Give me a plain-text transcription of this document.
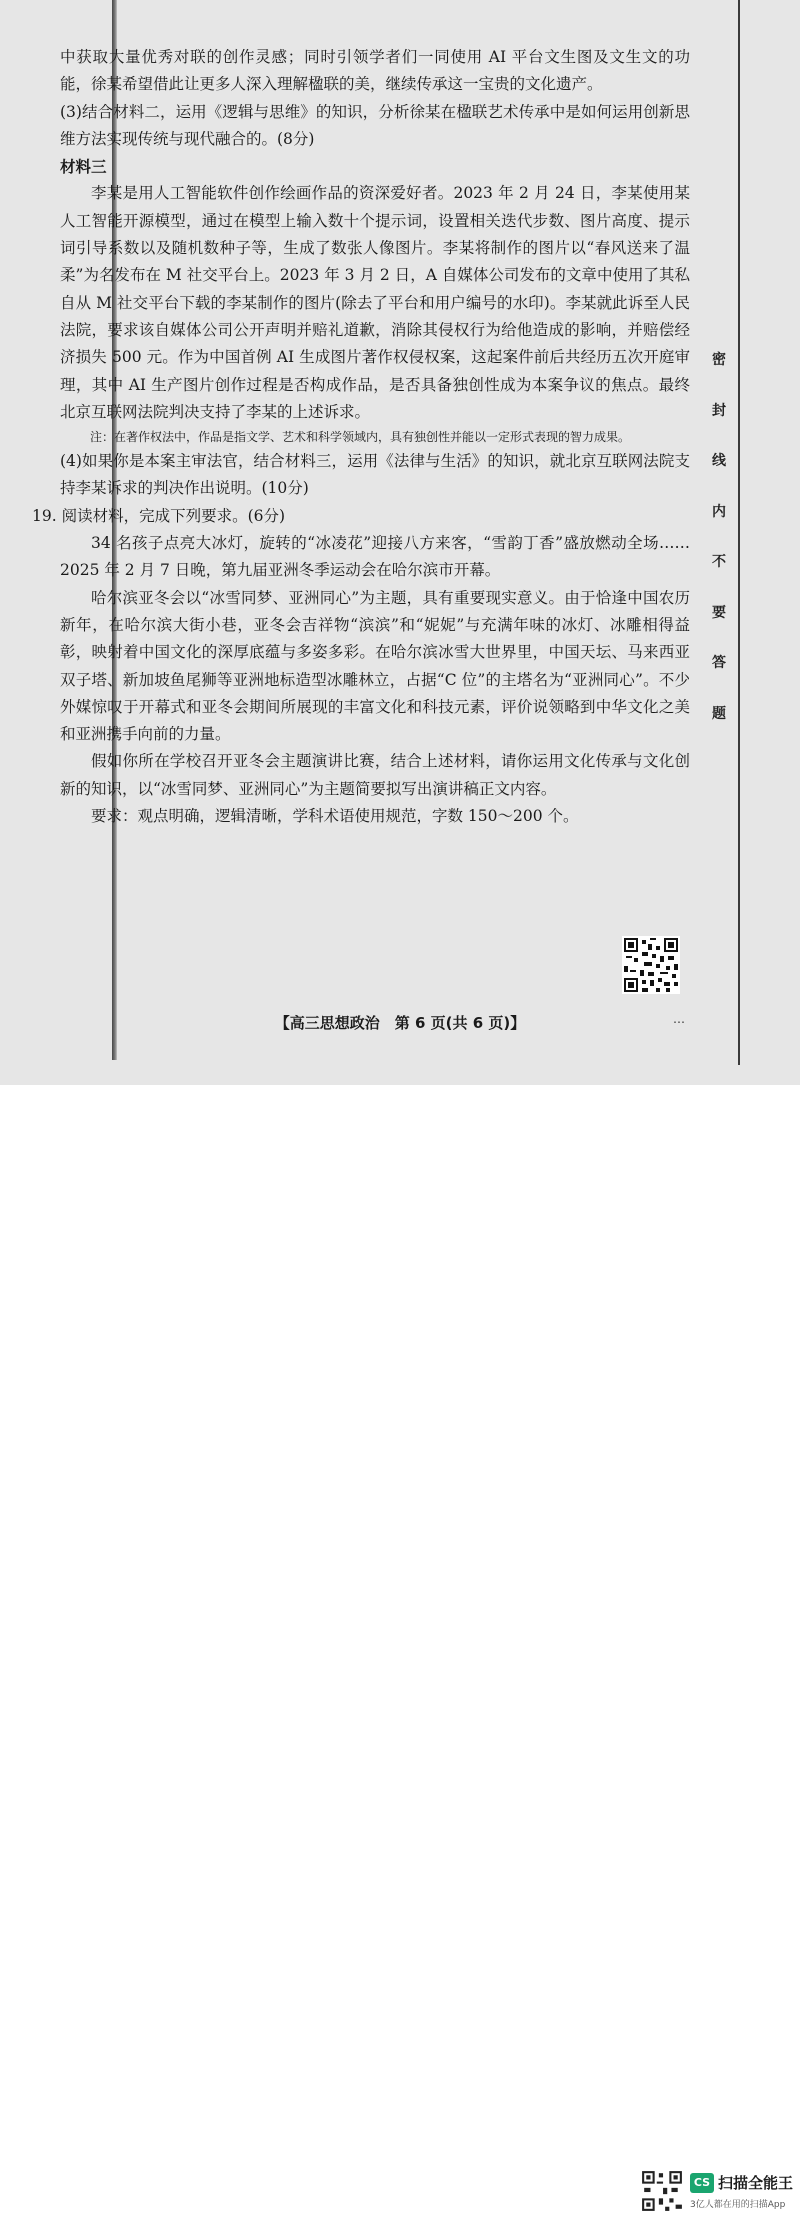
密
封
线
内
不
要
答
题

中获取大量优秀对联的创作灵感；同时引领学者们一同使用 AI 平台文生图及文生文的功能，徐某希望借此让更多人深入理解楹联的美，继续传承这一宝贵的文化遗产。

(3)结合材料二，运用《逻辑与思维》的知识，分析徐某在楹联艺术传承中是如何运用创新思维方法实现传统与现代融合的。(8分)

材料三

李某是用人工智能软件创作绘画作品的资深爱好者。2023 年 2 月 24 日，李某使用某人工智能开源模型，通过在模型上输入数十个提示词，设置相关迭代步数、图片高度、提示词引导系数以及随机数种子等，生成了数张人像图片。李某将制作的图片以“春风送来了温柔”为名发布在 M 社交平台上。2023 年 3 月 2 日，A 自媒体公司发布的文章中使用了其私自从 M 社交平台下载的李某制作的图片(除去了平台和用户编号的水印)。李某就此诉至人民法院，要求该自媒体公司公开声明并赔礼道歉，消除其侵权行为给他造成的影响，并赔偿经济损失 500 元。作为中国首例 AI 生成图片著作权侵权案，这起案件前后共经历五次开庭审理，其中 AI 生产图片创作过程是否构成作品，是否具备独创性成为本案争议的焦点。最终北京互联网法院判决支持了李某的上述诉求。

注：在著作权法中，作品是指文学、艺术和科学领域内，具有独创性并能以一定形式表现的智力成果。

(4)如果你是本案主审法官，结合材料三，运用《法律与生活》的知识，就北京互联网法院支持李某诉求的判决作出说明。(10分)

19. 阅读材料，完成下列要求。(6分)

34 名孩子点亮大冰灯，旋转的“冰凌花”迎接八方来客，“雪韵丁香”盛放燃动全场……2025 年 2 月 7 日晚，第九届亚洲冬季运动会在哈尔滨市开幕。

哈尔滨亚冬会以“冰雪同梦、亚洲同心”为主题，具有重要现实意义。由于恰逢中国农历新年，在哈尔滨大街小巷，亚冬会吉祥物“滨滨”和“妮妮”与充满年味的冰灯、冰雕相得益彰，映射着中国文化的深厚底蕴与多姿多彩。在哈尔滨冰雪大世界里，中国天坛、马来西亚双子塔、新加坡鱼尾狮等亚洲地标造型冰雕林立，占据“C 位”的主塔名为“亚洲同心”。不少外媒惊叹于开幕式和亚冬会期间所展现的丰富文化和科技元素，评价说领略到中华文化之美和亚洲携手向前的力量。

假如你所在学校召开亚冬会主题演讲比赛，结合上述材料，请你运用文化传承与文化创新的知识，以“冰雪同梦、亚洲同心”为主题简要拟写出演讲稿正文内容。

要求：观点明确，逻辑清晰，学科术语使用规范，字数 150～200 个。

【高三思想政治　第 6 页(共 6 页)】	…
CS 扫描全能王
3亿人都在用的扫描App
